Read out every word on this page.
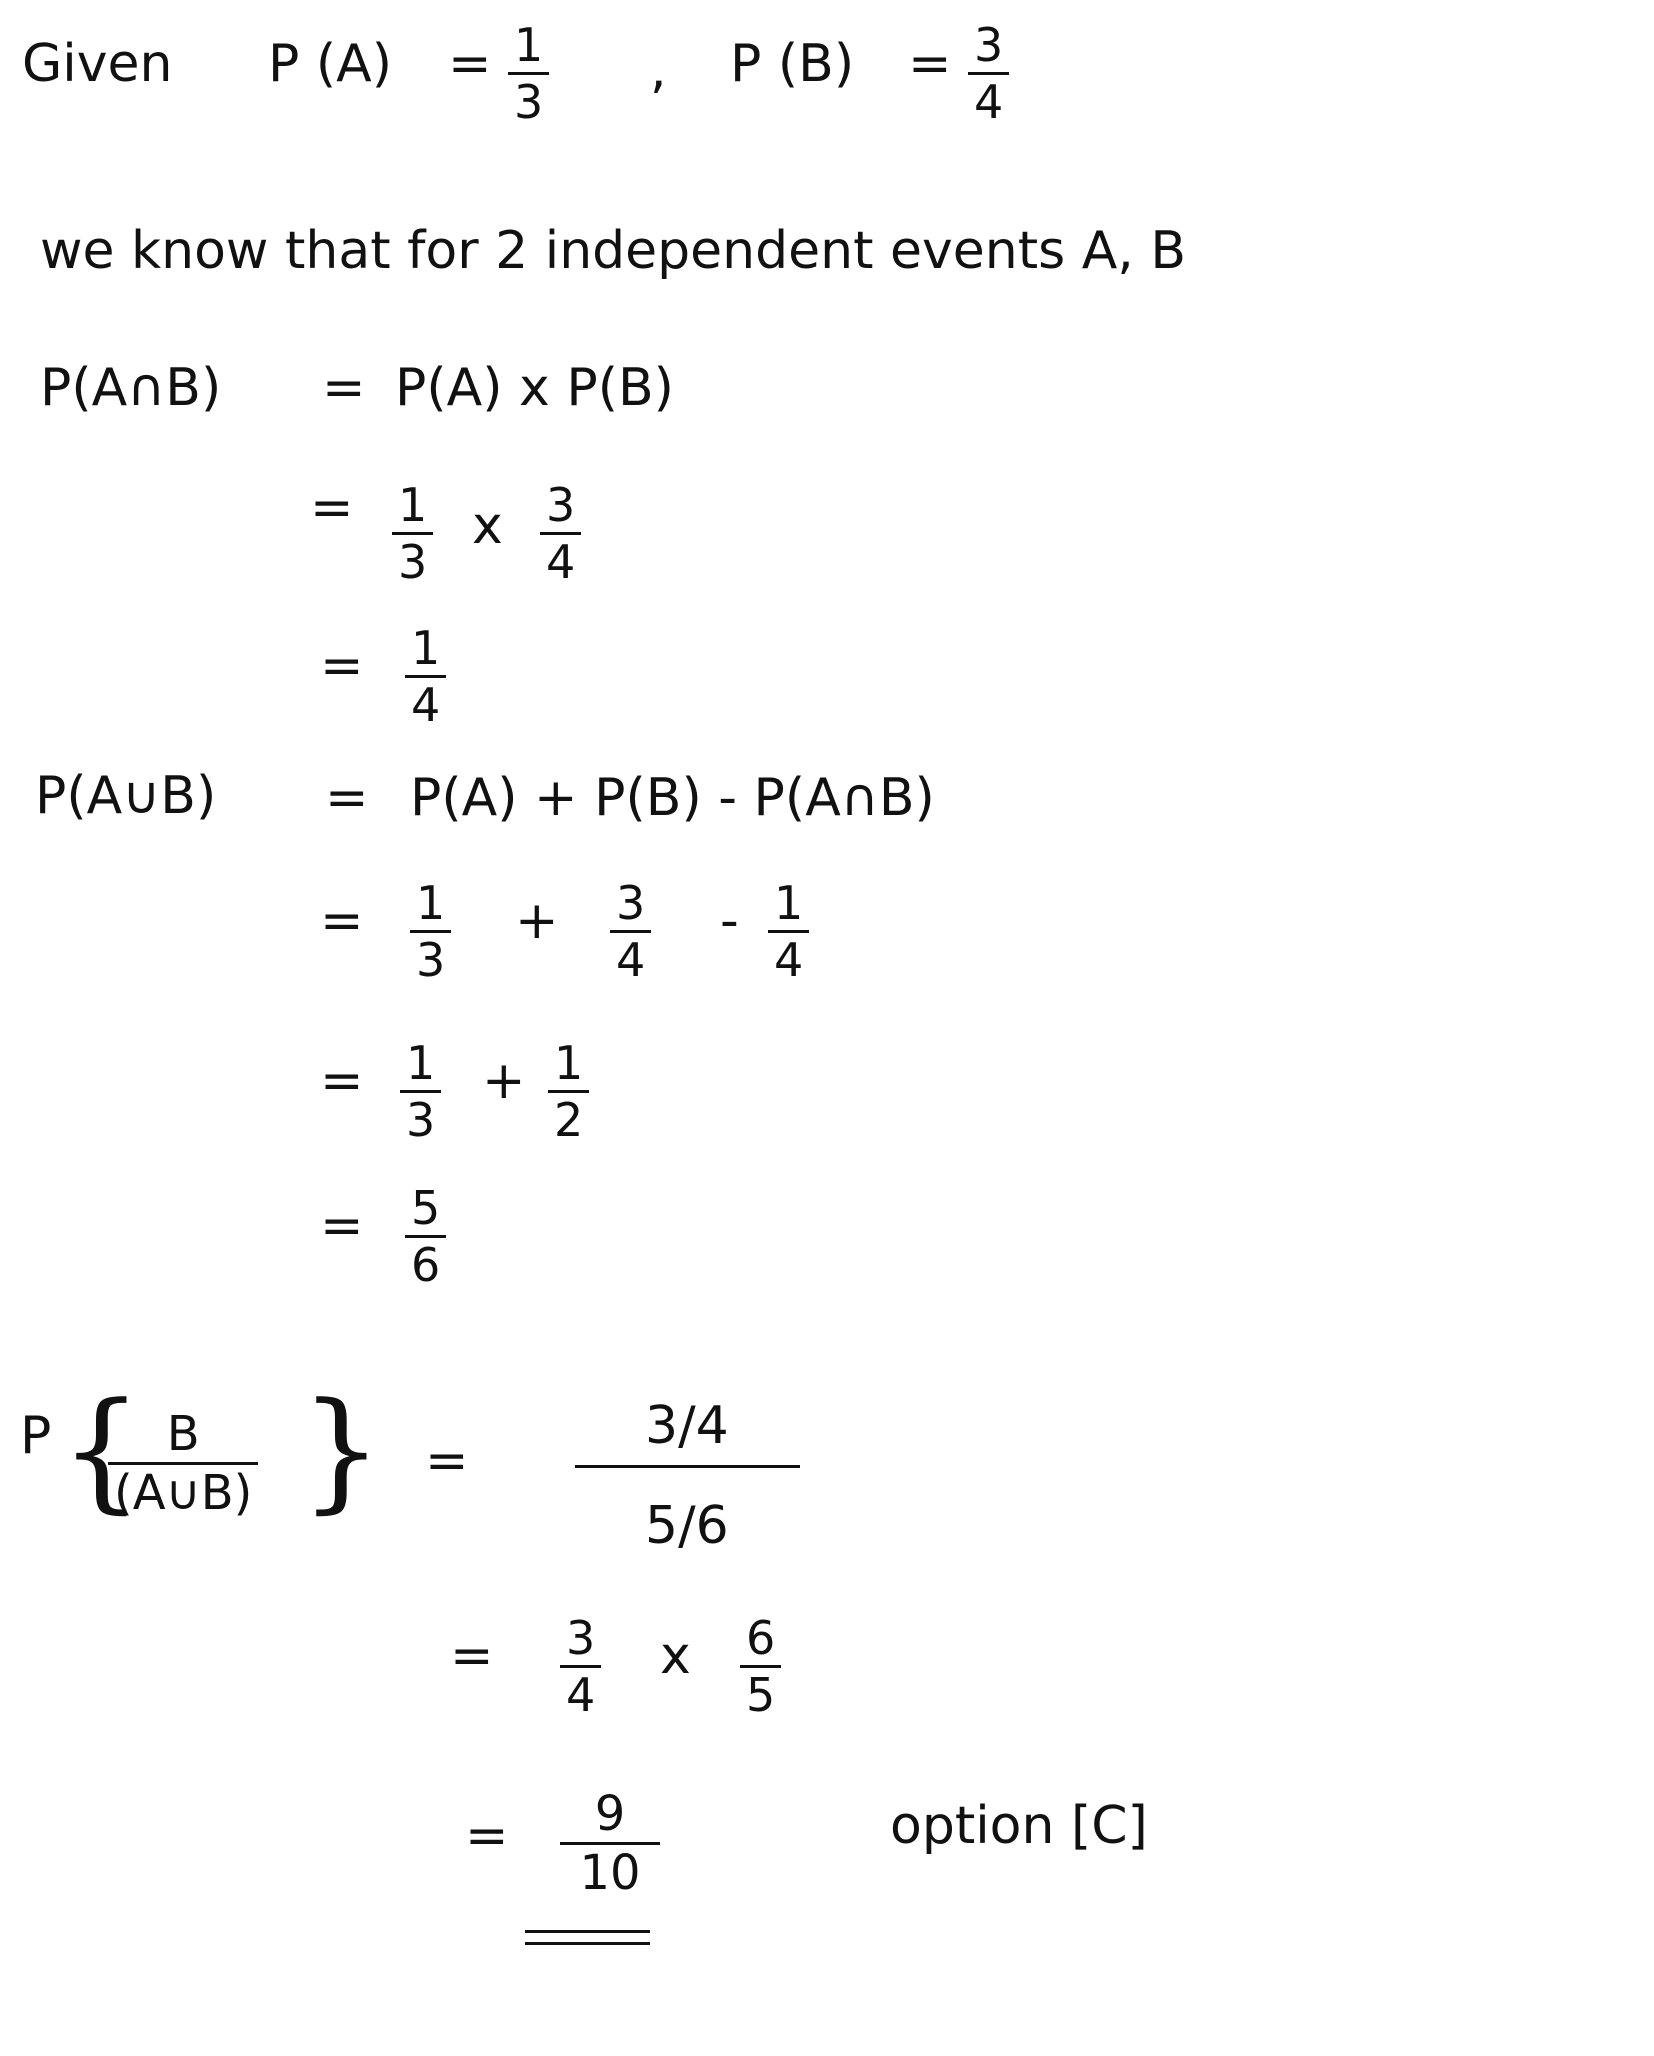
Given P (A) = 1
3
, P (B) = 3
4
we know that for 2 independent events A, B
P(A∩B) = P(A) x P(B)
= 1
3
x 3
4
= 1
4
P(A∪B) = P(A) + P(B) - P(A∩B)
= 1
3
+ 3
4
- 1
4
= 1
3
+ 1
2
= 5
6
P { B
(A∪B) } =
3/4
5/6
= 3
4
x 6
5
= 9
10
option [C]
